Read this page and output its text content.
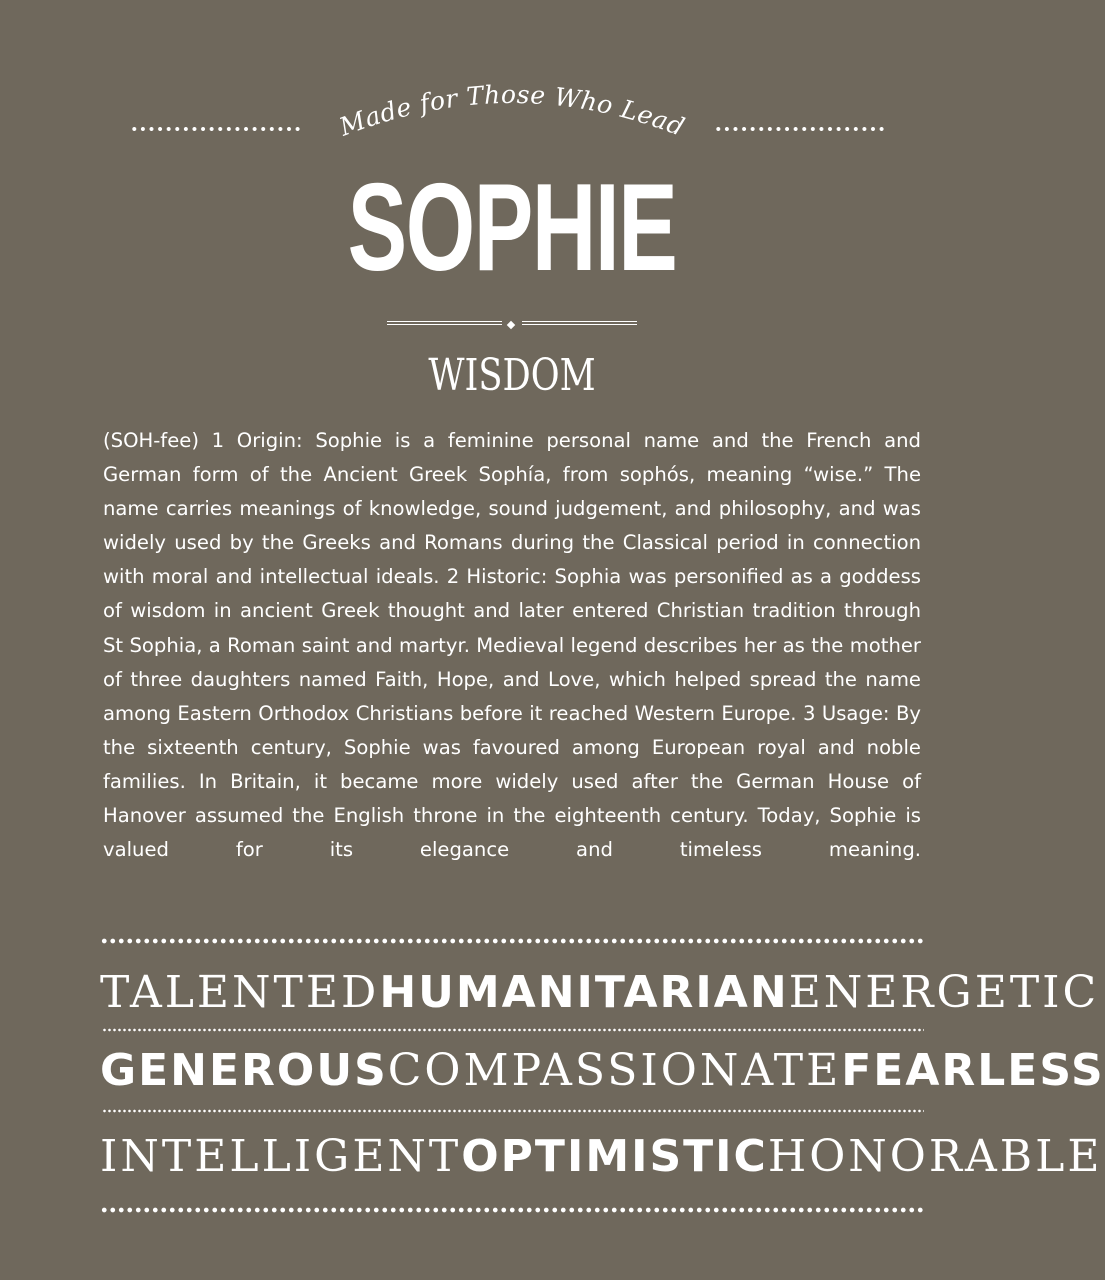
Made for Those Who Lead
SOPHIE
WISDOM

(SOH-fee) 1 Origin: Sophie is a feminine personal name and the French and German form of the Ancient Greek Sophía, from sophós, meaning “wise.” The name carries meanings of knowledge, sound judgement, and philosophy, and was widely used by the Greeks and Romans during the Classical period in connection with moral and intellectual ideals. 2 Historic: Sophia was personified as a goddess of wisdom in ancient Greek thought and later entered Christian tradition through St Sophia, a Roman saint and martyr. Medieval legend describes her as the mother of three daughters named Faith, Hope, and Love, which helped spread the name among Eastern Orthodox Christians before it reached Western Europe. 3 Usage: By the sixteenth century, Sophie was favoured among European royal and noble families. In Britain, it became more widely used after the German House of Hanover assumed the English throne in the eighteenth century. Today, Sophie is valued for its elegance and timeless meaning.

TALENTED HUMANITARIAN ENERGETIC
GENEROUS COMPASSIONATE FEARLESS
INTELLIGENT OPTIMISTIC HONORABLE
